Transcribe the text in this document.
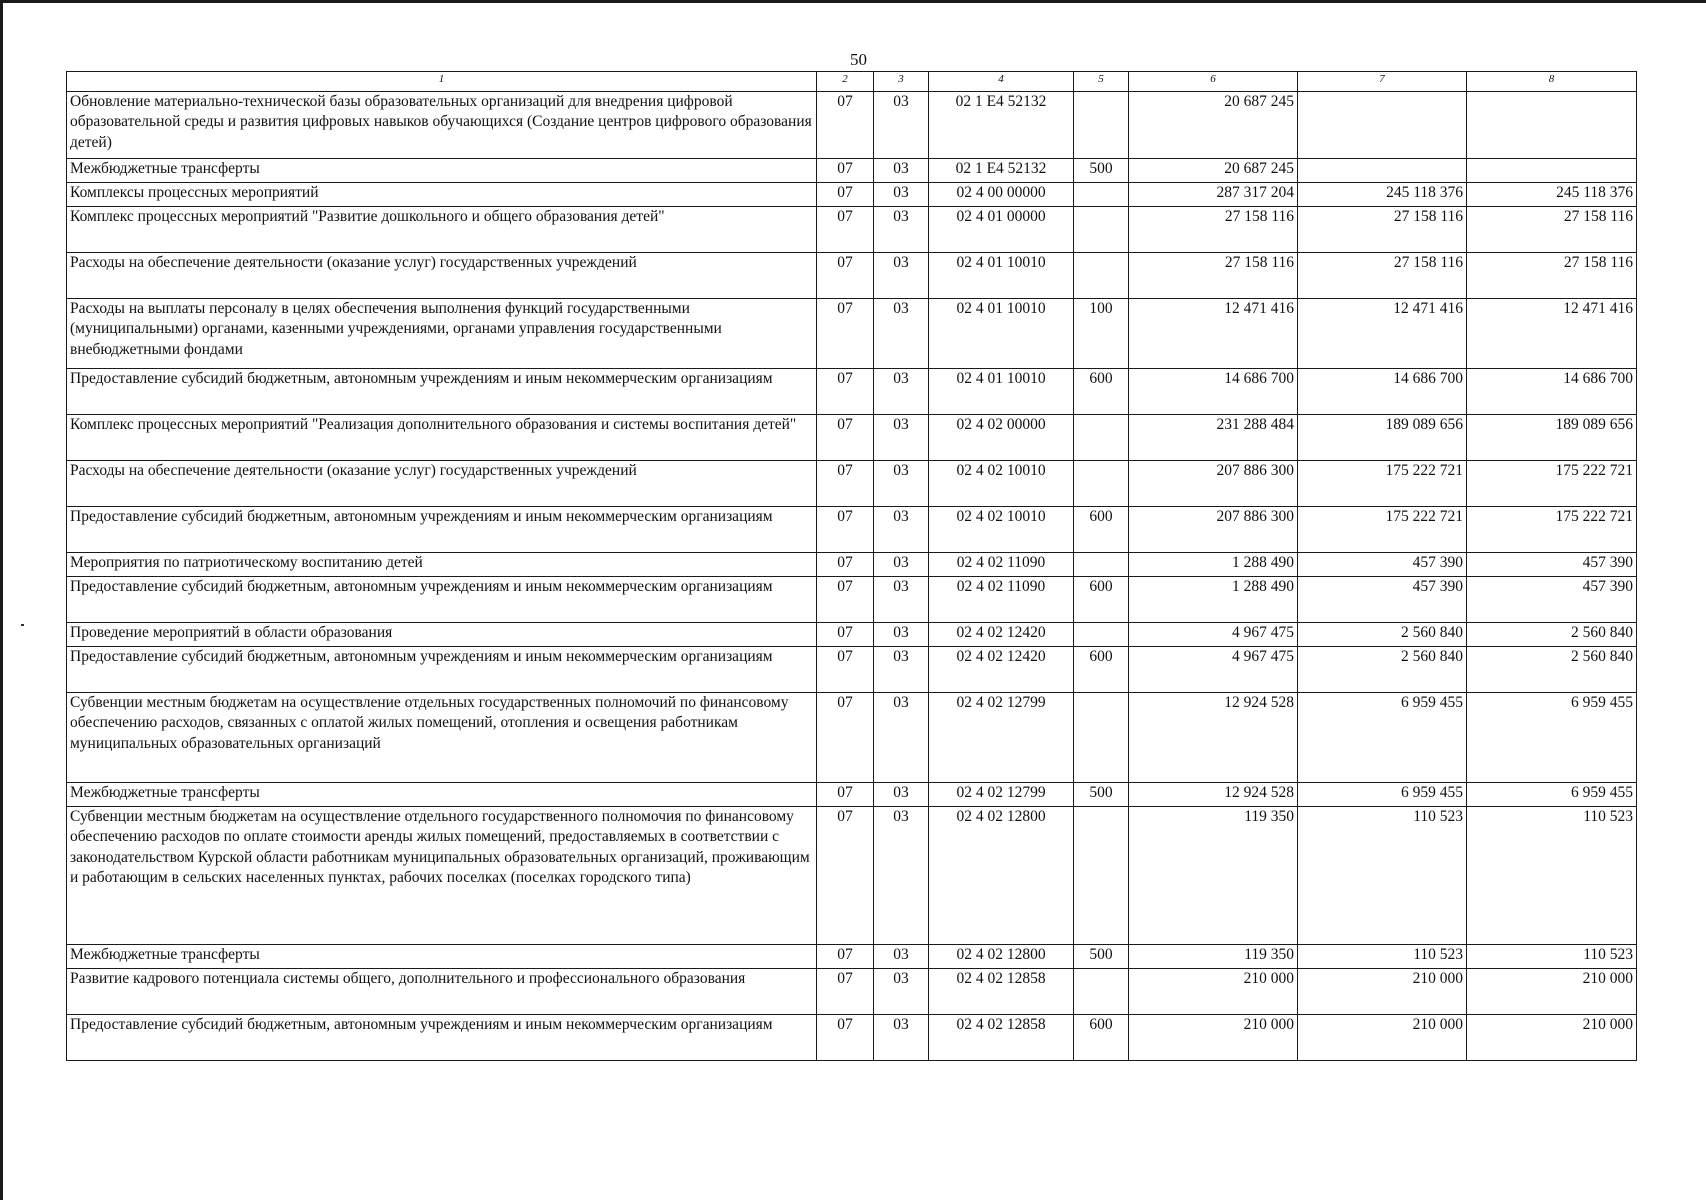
50
1	2	3	4	5	6	7	8
Обновление материально-технической базы образовательных организаций для внедрения цифровой образовательной среды и развития цифровых навыков обучающихся (Создание центров цифрового образования детей)	07	03	02 1 Е4 52132		20 687 245		
Межбюджетные трансферты	07	03	02 1 Е4 52132	500	20 687 245		
Комплексы процессных мероприятий	07	03	02 4 00 00000		287 317 204	245 118 376	245 118 376
Комплекс процессных мероприятий "Развитие дошкольного и общего образования детей"	07	03	02 4 01 00000		27 158 116	27 158 116	27 158 116
Расходы на обеспечение деятельности (оказание услуг) государственных учреждений	07	03	02 4 01 10010		27 158 116	27 158 116	27 158 116
Расходы на выплаты персоналу в целях обеспечения выполнения функций государственными (муниципальными) органами, казенными учреждениями, органами управления государственными внебюджетными фондами	07	03	02 4 01 10010	100	12 471 416	12 471 416	12 471 416
Предоставление субсидий бюджетным, автономным учреждениям и иным некоммерческим организациям	07	03	02 4 01 10010	600	14 686 700	14 686 700	14 686 700
Комплекс процессных мероприятий "Реализация дополнительного образования и системы воспитания детей"	07	03	02 4 02 00000		231 288 484	189 089 656	189 089 656
Расходы на обеспечение деятельности (оказание услуг) государственных учреждений	07	03	02 4 02 10010		207 886 300	175 222 721	175 222 721
Предоставление субсидий бюджетным, автономным учреждениям и иным некоммерческим организациям	07	03	02 4 02 10010	600	207 886 300	175 222 721	175 222 721
Мероприятия по патриотическому воспитанию детей	07	03	02 4 02 11090		1 288 490	457 390	457 390
Предоставление субсидий бюджетным, автономным учреждениям и иным некоммерческим организациям	07	03	02 4 02 11090	600	1 288 490	457 390	457 390
Проведение мероприятий в области образования	07	03	02 4 02 12420		4 967 475	2 560 840	2 560 840
Предоставление субсидий бюджетным, автономным учреждениям и иным некоммерческим организациям	07	03	02 4 02 12420	600	4 967 475	2 560 840	2 560 840
Субвенции местным бюджетам на осуществление отдельных государственных полномочий по финансовому обеспечению расходов, связанных с оплатой жилых помещений, отопления и освещения работникам муниципальных образовательных организаций	07	03	02 4 02 12799		12 924 528	6 959 455	6 959 455
Межбюджетные трансферты	07	03	02 4 02 12799	500	12 924 528	6 959 455	6 959 455
Субвенции местным бюджетам на осуществление отдельного государственного полномочия по финансовому обеспечению расходов по оплате стоимости аренды жилых помещений, предоставляемых в соответствии с законодательством Курской области работникам муниципальных образовательных организаций, проживающим и работающим в сельских населенных пунктах, рабочих поселках (поселках городского типа)	07	03	02 4 02 12800		119 350	110 523	110 523
Межбюджетные трансферты	07	03	02 4 02 12800	500	119 350	110 523	110 523
Развитие кадрового потенциала системы общего, дополнительного и профессионального образования	07	03	02 4 02 12858		210 000	210 000	210 000
Предоставление субсидий бюджетным, автономным учреждениям и иным некоммерческим организациям	07	03	02 4 02 12858	600	210 000	210 000	210 000
